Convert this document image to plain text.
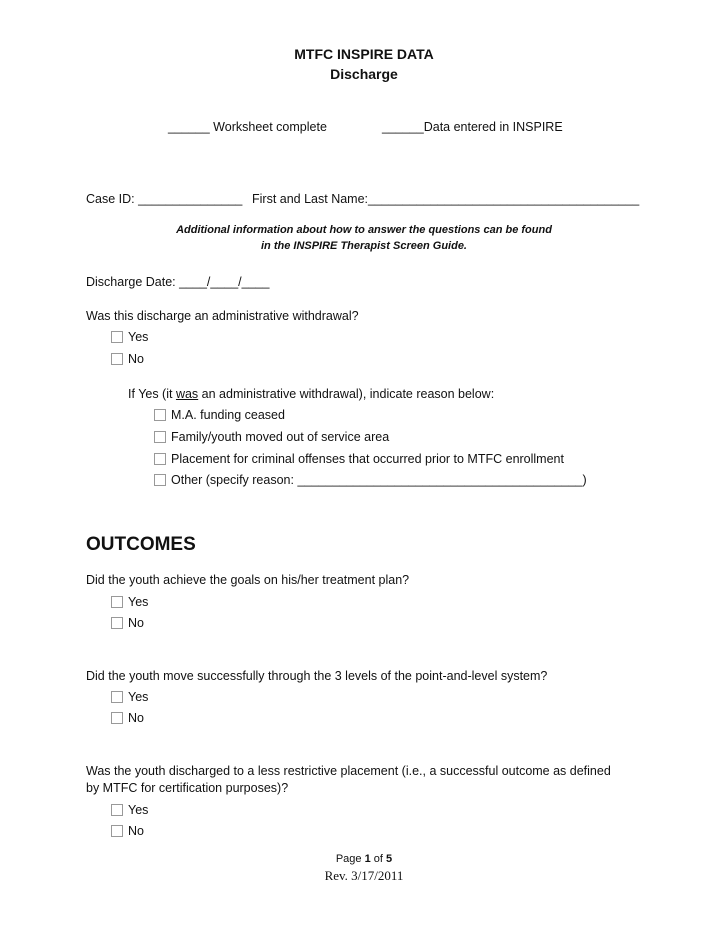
MTFC INSPIRE DATA
Discharge
______ Worksheet complete	______Data entered in INSPIRE
Case ID: _______________ First and Last Name:_______________________________________
Additional information about how to answer the questions can be found
in the INSPIRE Therapist Screen Guide.
Discharge Date: ____/____/____
Was this discharge an administrative withdrawal?
Yes
No
If Yes (it was an administrative withdrawal), indicate reason below:
M.A. funding ceased
Family/youth moved out of service area
Placement for criminal offenses that occurred prior to MTFC enrollment
Other (specify reason: _________________________________________)
OUTCOMES
Did the youth achieve the goals on his/her treatment plan?
Yes
No
Did the youth move successfully through the 3 levels of the point-and-level system?
Yes
No
Was the youth discharged to a less restrictive placement (i.e., a successful outcome as defined
by MTFC for certification purposes)?
Yes
No
Page 1 of 5
Rev. 3/17/2011
